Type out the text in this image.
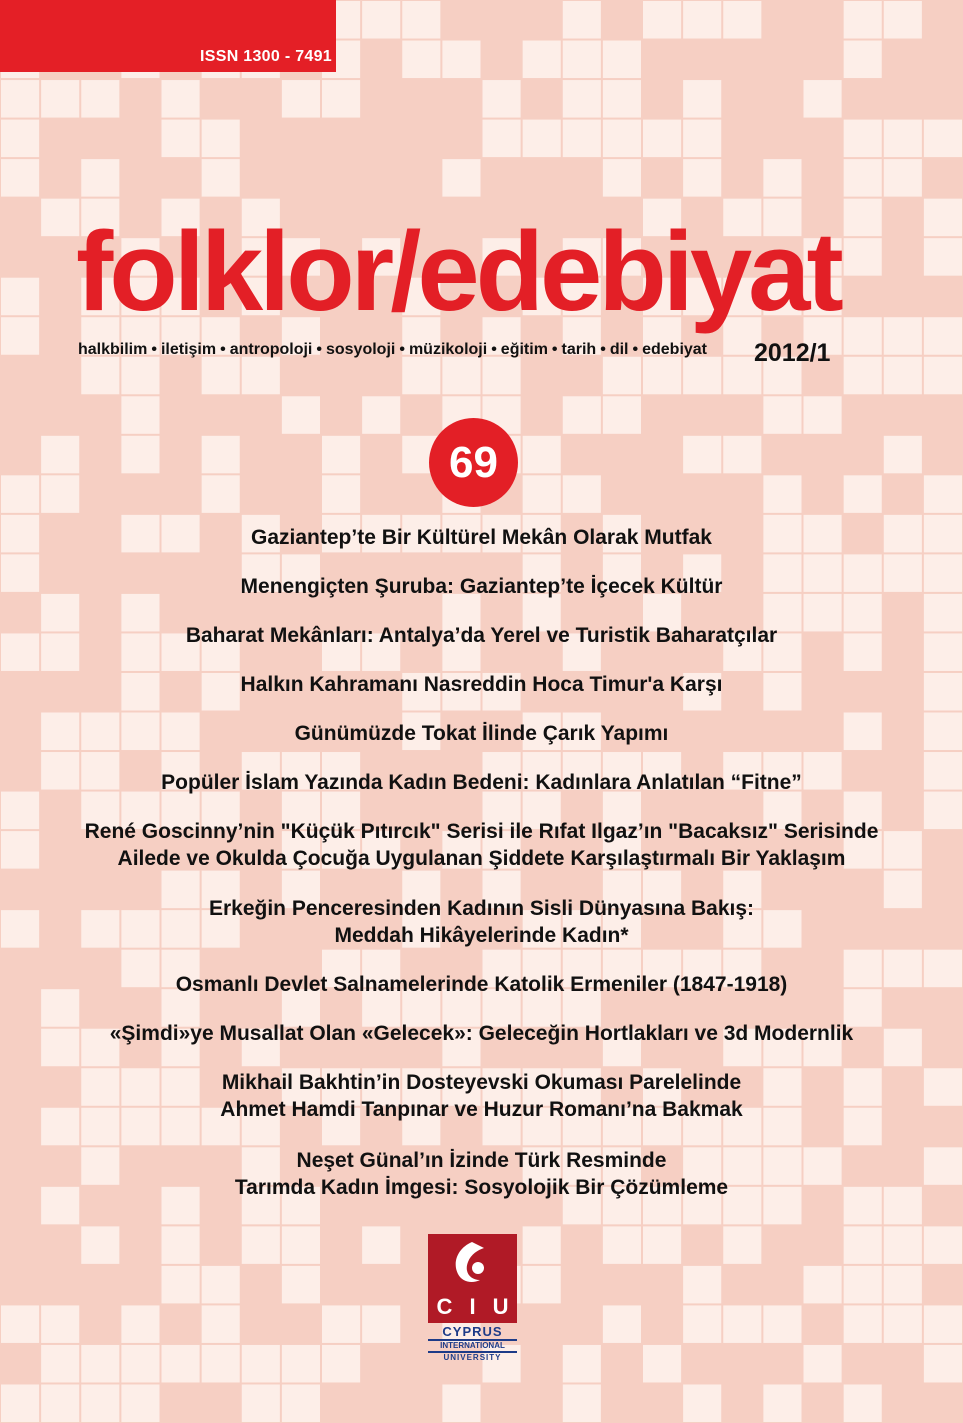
ISSN 1300 - 7491
folklor/edebiyat
halkbilim • iletişim • antropoloji • sosyoloji • müzikoloji • eğitim • tarih • dil • edebiyat 2012/1
69
Gaziantep’te Bir Kültürel Mekân Olarak Mutfak
Menengiçten Şuruba: Gaziantep’te İçecek Kültür
Baharat Mekânları: Antalya’da Yerel ve Turistik Baharatçılar
Halkın Kahramanı Nasreddin Hoca Timur'a Karşı
Günümüzde Tokat İlinde Çarık Yapımı
Popüler İslam Yazında Kadın Bedeni: Kadınlara Anlatılan “Fitne”
René Goscinny’nin "Küçük Pıtırcık" Serisi ile Rıfat Ilgaz’ın "Bacaksız" Serisinde
Ailede ve Okulda Çocuğa Uygulanan Şiddete Karşılaştırmalı Bir Yaklaşım
Erkeğin Penceresinden Kadının Sisli Dünyasına Bakış:
Meddah Hikâyelerinde Kadın*
Osmanlı Devlet Salnamelerinde Katolik Ermeniler (1847-1918)
«Şimdi»ye Musallat Olan «Gelecek»: Geleceğin Hortlakları ve 3d Modernlik
Mikhail Bakhtin’in Dosteyevski Okuması Parelelinde
Ahmet Hamdi Tanpınar ve Huzur Romanı’na Bakmak
Neşet Günal’ın İzinde Türk Resminde
Tarımda Kadın İmgesi: Sosyolojik Bir Çözümleme
C I U
CYPRUS
INTERNATIONAL
UNIVERSITY
